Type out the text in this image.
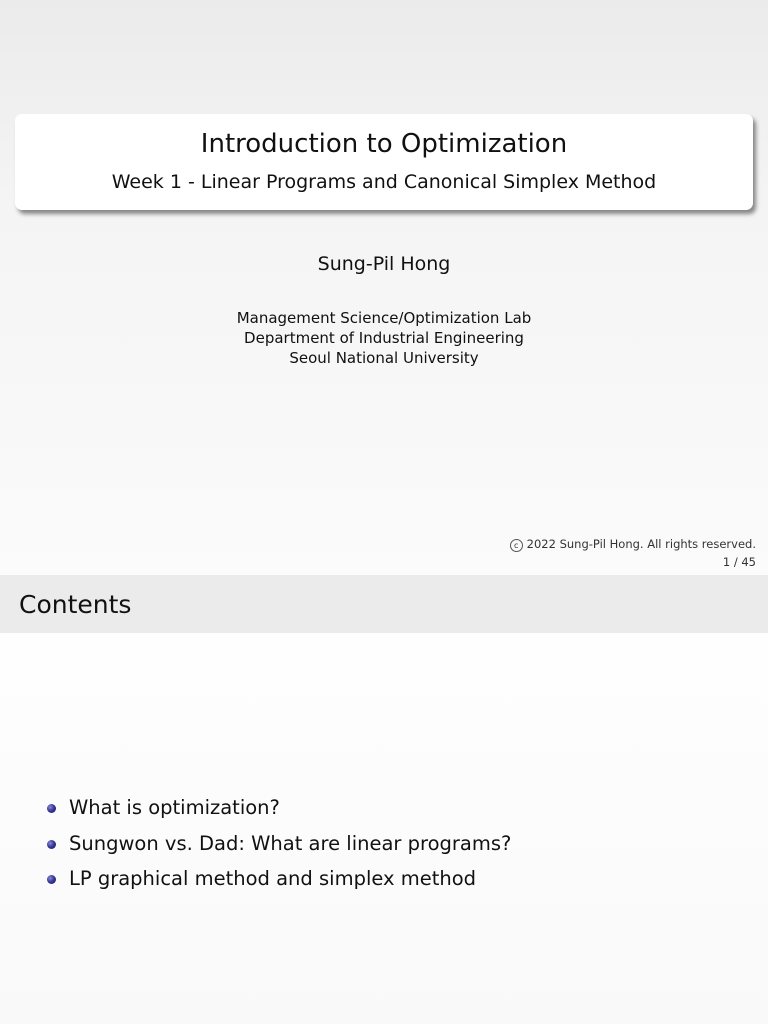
Introduction to Optimization
Week 1 - Linear Programs and Canonical Simplex Method
Sung-Pil Hong
Management Science/Optimization Lab
Department of Industrial Engineering
Seoul National University
c 2022 Sung-Pil Hong. All rights reserved.
1 / 45
Contents
What is optimization?
Sungwon vs. Dad: What are linear programs?
LP graphical method and simplex method
